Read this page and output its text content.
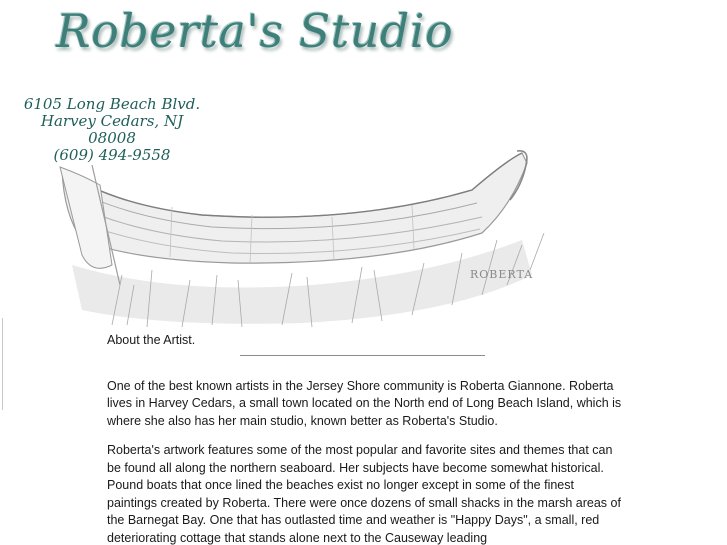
Roberta's Studio
6105 Long Beach Blvd.
Harvey Cedars, NJ
08008
(609) 494-9558
ROBERTA
About the Artist.

One of the best known artists in the Jersey Shore community is Roberta Giannone. Roberta lives in Harvey Cedars, a small town located on the North end of Long Beach Island, which is where she also has her main studio, known better as Roberta's Studio.

Roberta's artwork features some of the most popular and favorite sites and themes that can be found all along the northern seaboard. Her subjects have become somewhat historical. Pound boats that once lined the beaches exist no longer except in some of the finest paintings created by Roberta. There were once dozens of small shacks in the marsh areas of the Barnegat Bay. One that has outlasted time and weather is "Happy Days", a small, red deteriorating cottage that stands alone next to the Causeway leading
